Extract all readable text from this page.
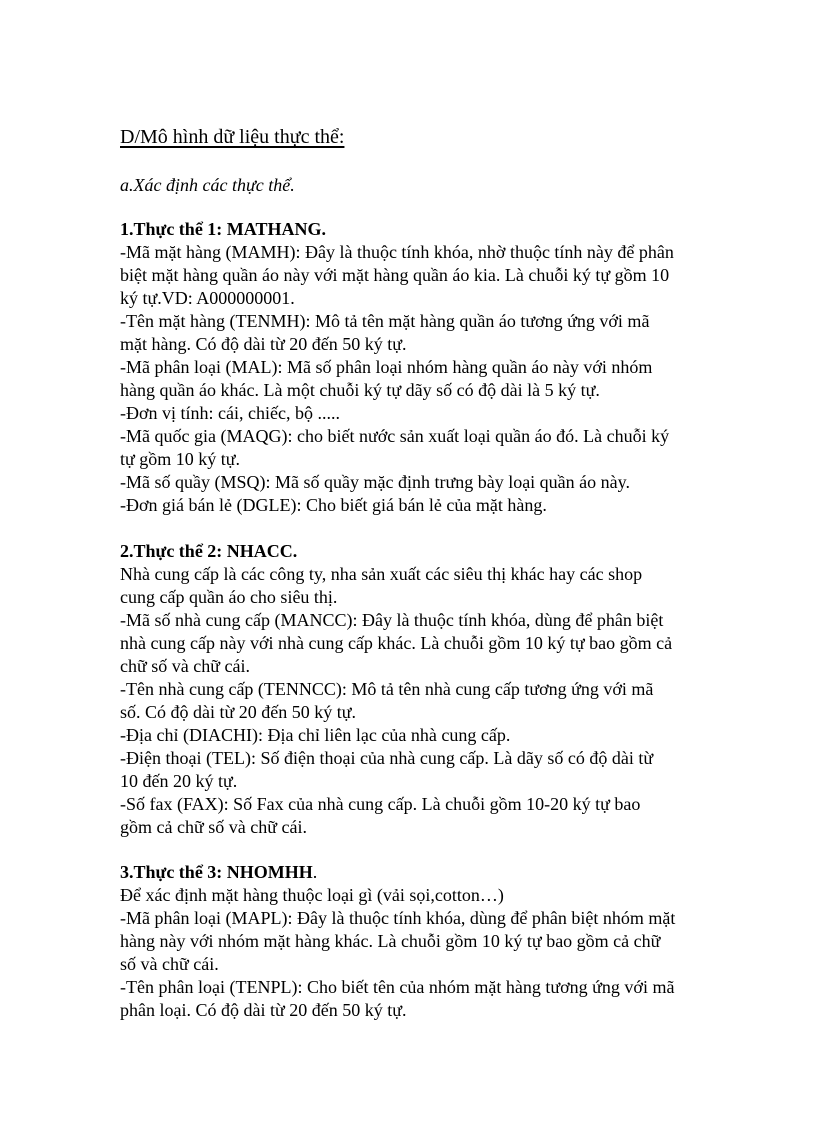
D/Mô hình dữ liệu thực thể:
a.Xác định các thực thể.
1.Thực thể 1: MATHANG.
-Mã mặt hàng (MAMH): Đây là thuộc tính khóa, nhờ thuộc tính này để phân
biệt mặt hàng quần áo này với mặt hàng quần áo kia. Là chuỗi ký tự gồm 10
ký tự.VD: A000000001.
-Tên mặt hàng (TENMH): Mô tả tên mặt hàng quần áo tương ứng với mã
mặt hàng. Có độ dài từ 20 đến 50 ký tự.
-Mã phân loại (MAL): Mã số phân loại nhóm hàng quần áo này với nhóm
hàng quần áo khác. Là một chuỗi ký tự dãy số có độ dài là 5 ký tự.
-Đơn vị tính: cái, chiếc, bộ .....
-Mã quốc gia (MAQG): cho biết nước sản xuất loại quần áo đó. Là chuỗi ký
tự gồm 10 ký tự.
-Mã số quầy (MSQ): Mã số quầy mặc định trưng bày loại quần áo này.
-Đơn giá bán lẻ (DGLE): Cho biết giá bán lẻ của mặt hàng.
2.Thực thể 2: NHACC.
Nhà cung cấp là các công ty, nha sản xuất các siêu thị khác hay các shop
cung cấp quần áo cho siêu thị.
-Mã số nhà cung cấp (MANCC): Đây là thuộc tính khóa, dùng để phân biệt
nhà cung cấp này với nhà cung cấp khác. Là chuỗi gồm 10 ký tự bao gồm cả
chữ số và chữ cái.
-Tên nhà cung cấp (TENNCC): Mô tả tên nhà cung cấp tương ứng với mã
số. Có độ dài từ 20 đến 50 ký tự.
-Địa chỉ (DIACHI): Địa chỉ liên lạc của nhà cung cấp.
-Điện thoại (TEL): Số điện thoại của nhà cung cấp. Là dãy số có độ dài từ
10 đến 20 ký tự.
-Số fax (FAX): Số Fax của nhà cung cấp. Là chuỗi gồm 10-20 ký tự bao
gồm cả chữ số và chữ cái.
3.Thực thể 3: NHOMHH.
Để xác định mặt hàng thuộc loại gì (vải sọi,cotton…)
-Mã phân loại (MAPL): Đây là thuộc tính khóa, dùng để phân biệt nhóm mặt
hàng này với nhóm mặt hàng khác. Là chuỗi gồm 10 ký tự bao gồm cả chữ
số và chữ cái.
-Tên phân loại (TENPL): Cho biết tên của nhóm mặt hàng tương ứng với mã
phân loại. Có độ dài từ 20 đến 50 ký tự.
